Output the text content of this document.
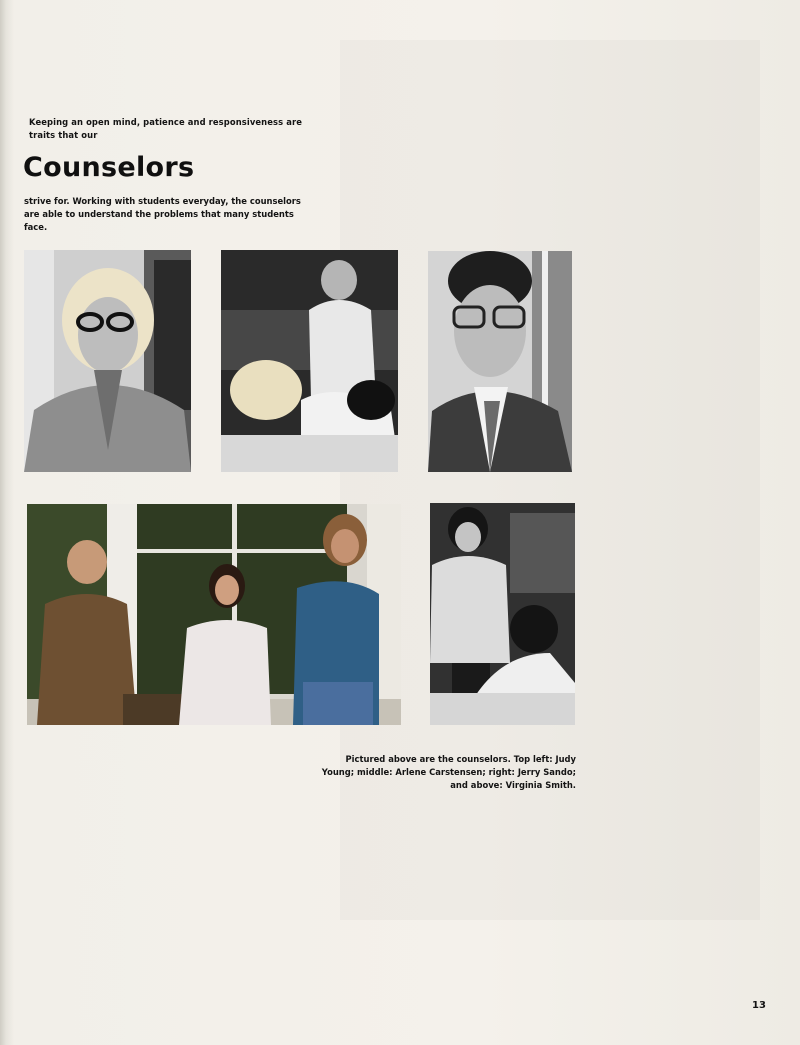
Keeping an open mind, patience and responsiveness are traits that our
Counselors
strive for. Working with students everyday, the counselors are able to understand the problems that many students face.
Pictured above are the counselors. Top left: Judy Young; middle: Arlene Carstensen; right: Jerry Sando; and above: Virginia Smith.
13
